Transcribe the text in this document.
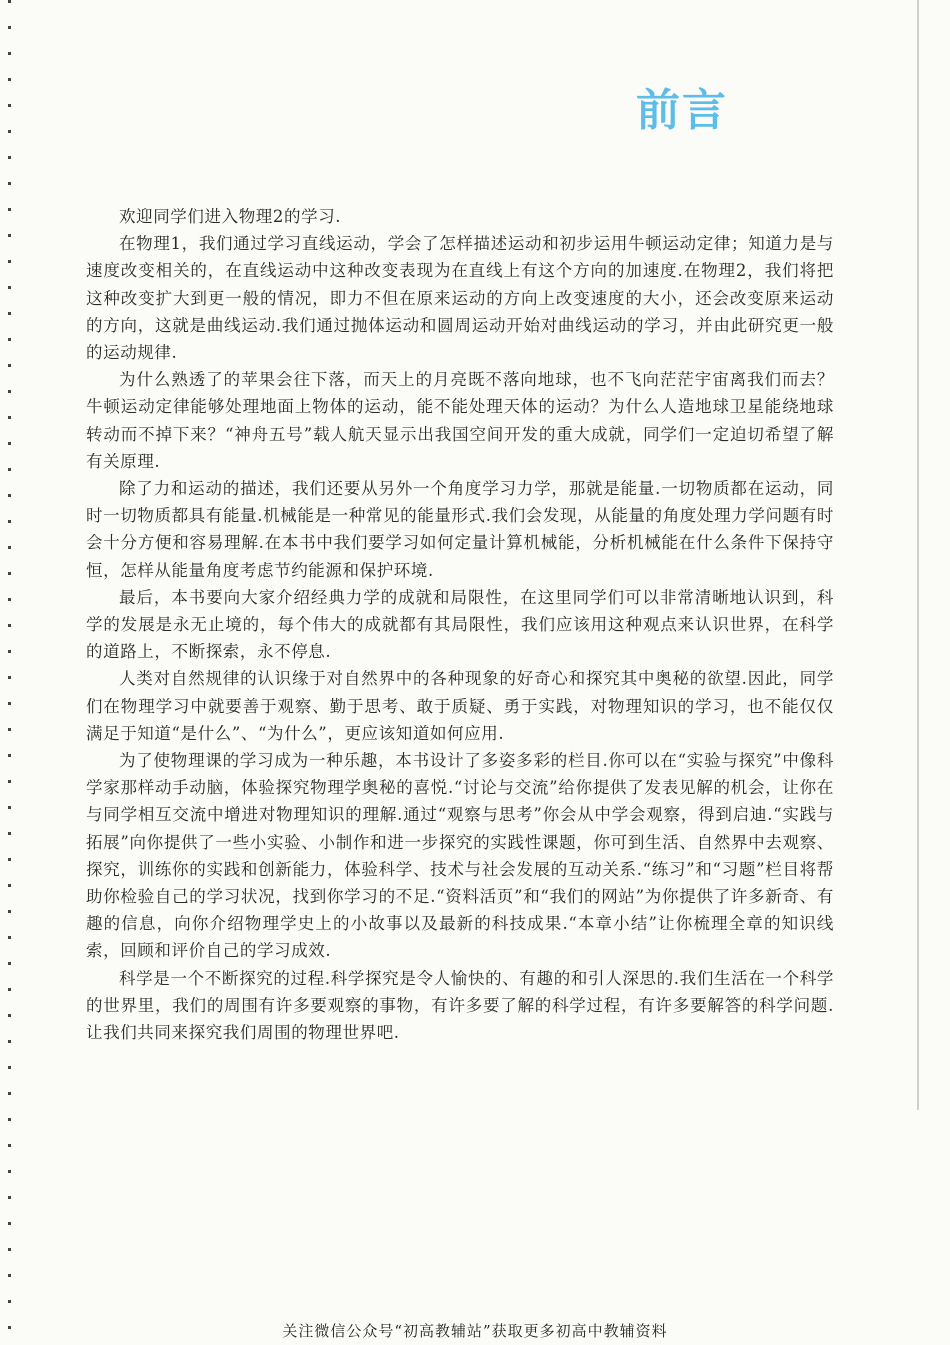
前言

欢迎同学们进入物理2的学习.

在物理1，我们通过学习直线运动，学会了怎样描述运动和初步运用牛顿运动定律；知道力是与速度改变相关的，在直线运动中这种改变表现为在直线上有这个方向的加速度.在物理2，我们将把这种改变扩大到更一般的情况，即力不但在原来运动的方向上改变速度的大小，还会改变原来运动的方向，这就是曲线运动.我们通过抛体运动和圆周运动开始对曲线运动的学习，并由此研究更一般的运动规律.

为什么熟透了的苹果会往下落，而天上的月亮既不落向地球，也不飞向茫茫宇宙离我们而去？牛顿运动定律能够处理地面上物体的运动，能不能处理天体的运动？为什么人造地球卫星能绕地球转动而不掉下来？“神舟五号”载人航天显示出我国空间开发的重大成就，同学们一定迫切希望了解有关原理.

除了力和运动的描述，我们还要从另外一个角度学习力学，那就是能量.一切物质都在运动，同时一切物质都具有能量.机械能是一种常见的能量形式.我们会发现，从能量的角度处理力学问题有时会十分方便和容易理解.在本书中我们要学习如何定量计算机械能，分析机械能在什么条件下保持守恒，怎样从能量角度考虑节约能源和保护环境.

最后，本书要向大家介绍经典力学的成就和局限性，在这里同学们可以非常清晰地认识到，科学的发展是永无止境的，每个伟大的成就都有其局限性，我们应该用这种观点来认识世界，在科学的道路上，不断探索，永不停息.

人类对自然规律的认识缘于对自然界中的各种现象的好奇心和探究其中奥秘的欲望.因此，同学们在物理学习中就要善于观察、勤于思考、敢于质疑、勇于实践，对物理知识的学习，也不能仅仅满足于知道“是什么”、“为什么”，更应该知道如何应用.

为了使物理课的学习成为一种乐趣，本书设计了多姿多彩的栏目.你可以在“实验与探究”中像科学家那样动手动脑，体验探究物理学奥秘的喜悦.“讨论与交流”给你提供了发表见解的机会，让你在与同学相互交流中增进对物理知识的理解.通过“观察与思考”你会从中学会观察，得到启迪.“实践与拓展”向你提供了一些小实验、小制作和进一步探究的实践性课题，你可到生活、自然界中去观察、探究，训练你的实践和创新能力，体验科学、技术与社会发展的互动关系.“练习”和“习题”栏目将帮助你检验自己的学习状况，找到你学习的不足.“资料活页”和“我们的网站”为你提供了许多新奇、有趣的信息，向你介绍物理学史上的小故事以及最新的科技成果.“本章小结”让你梳理全章的知识线索，回顾和评价自己的学习成效.

科学是一个不断探究的过程.科学探究是令人愉快的、有趣的和引人深思的.我们生活在一个科学的世界里，我们的周围有许多要观察的事物，有许多要了解的科学过程，有许多要解答的科学问题.让我们共同来探究我们周围的物理世界吧.

关注微信公众号“初高教辅站”获取更多初高中教辅资料
